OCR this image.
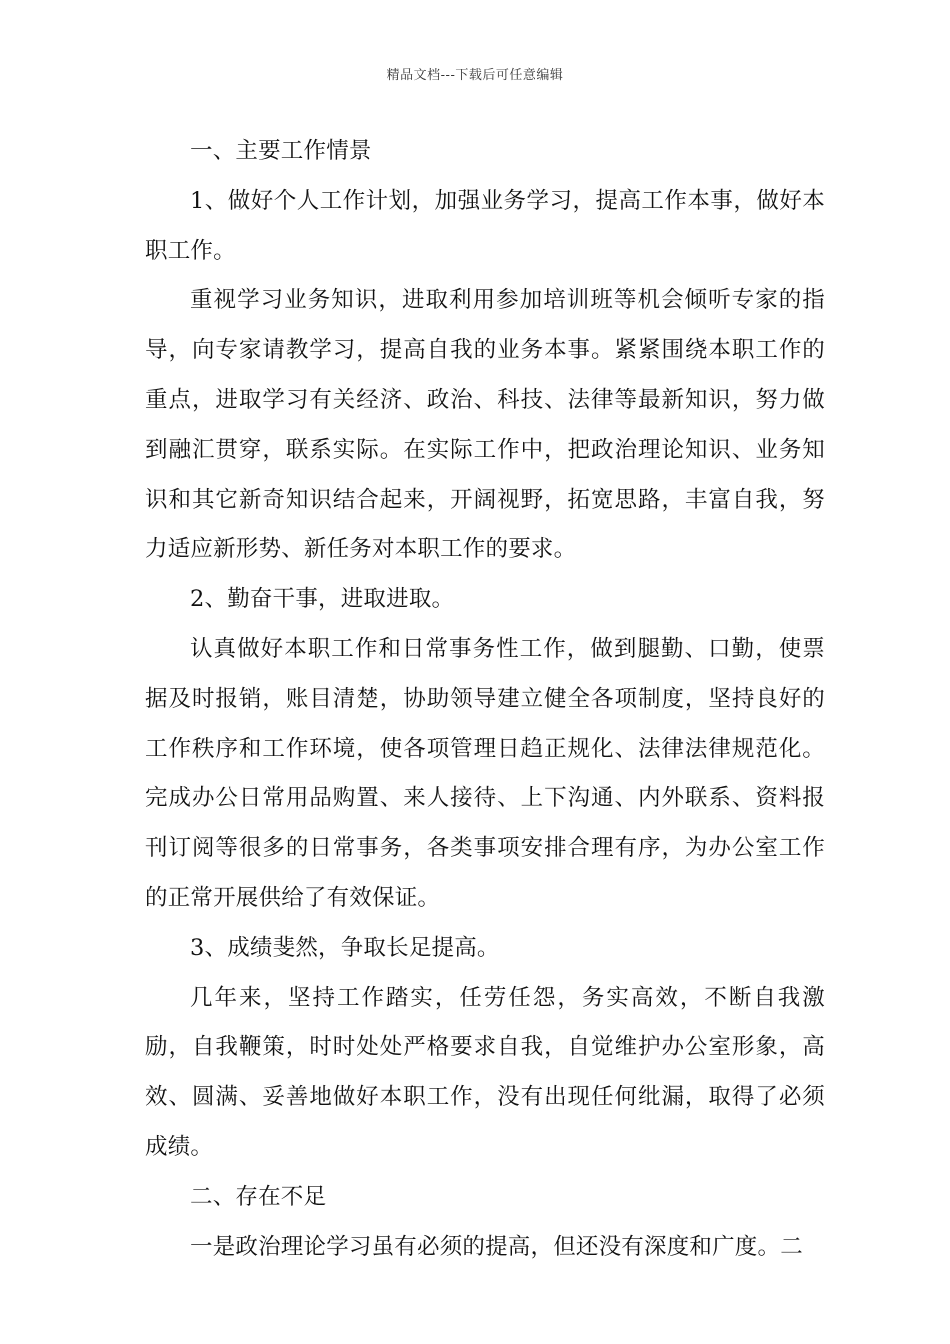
精品文档---下载后可任意编辑

一、主要工作情景

1、做好个人工作计划，加强业务学习，提高工作本事，做好本职工作。

重视学习业务知识，进取利用参加培训班等机会倾听专家的指导，向专家请教学习，提高自我的业务本事。紧紧围绕本职工作的重点，进取学习有关经济、政治、科技、法律等最新知识，努力做到融汇贯穿，联系实际。在实际工作中，把政治理论知识、业务知识和其它新奇知识结合起来，开阔视野，拓宽思路，丰富自我，努力适应新形势、新任务对本职工作的要求。

2、勤奋干事，进取进取。

认真做好本职工作和日常事务性工作，做到腿勤、口勤，使票据及时报销，账目清楚，协助领导建立健全各项制度，坚持良好的工作秩序和工作环境，使各项管理日趋正规化、法律法律规范化。完成办公日常用品购置、来人接待、上下沟通、内外联系、资料报刊订阅等很多的日常事务，各类事项安排合理有序，为办公室工作的正常开展供给了有效保证。

3、成绩斐然，争取长足提高。

几年来，坚持工作踏实，任劳任怨，务实高效，不断自我激励，自我鞭策，时时处处严格要求自我，自觉维护办公室形象，高效、圆满、妥善地做好本职工作，没有出现任何纰漏，取得了必须成绩。

二、存在不足

一是政治理论学习虽有必须的提高，但还没有深度和广度。二
